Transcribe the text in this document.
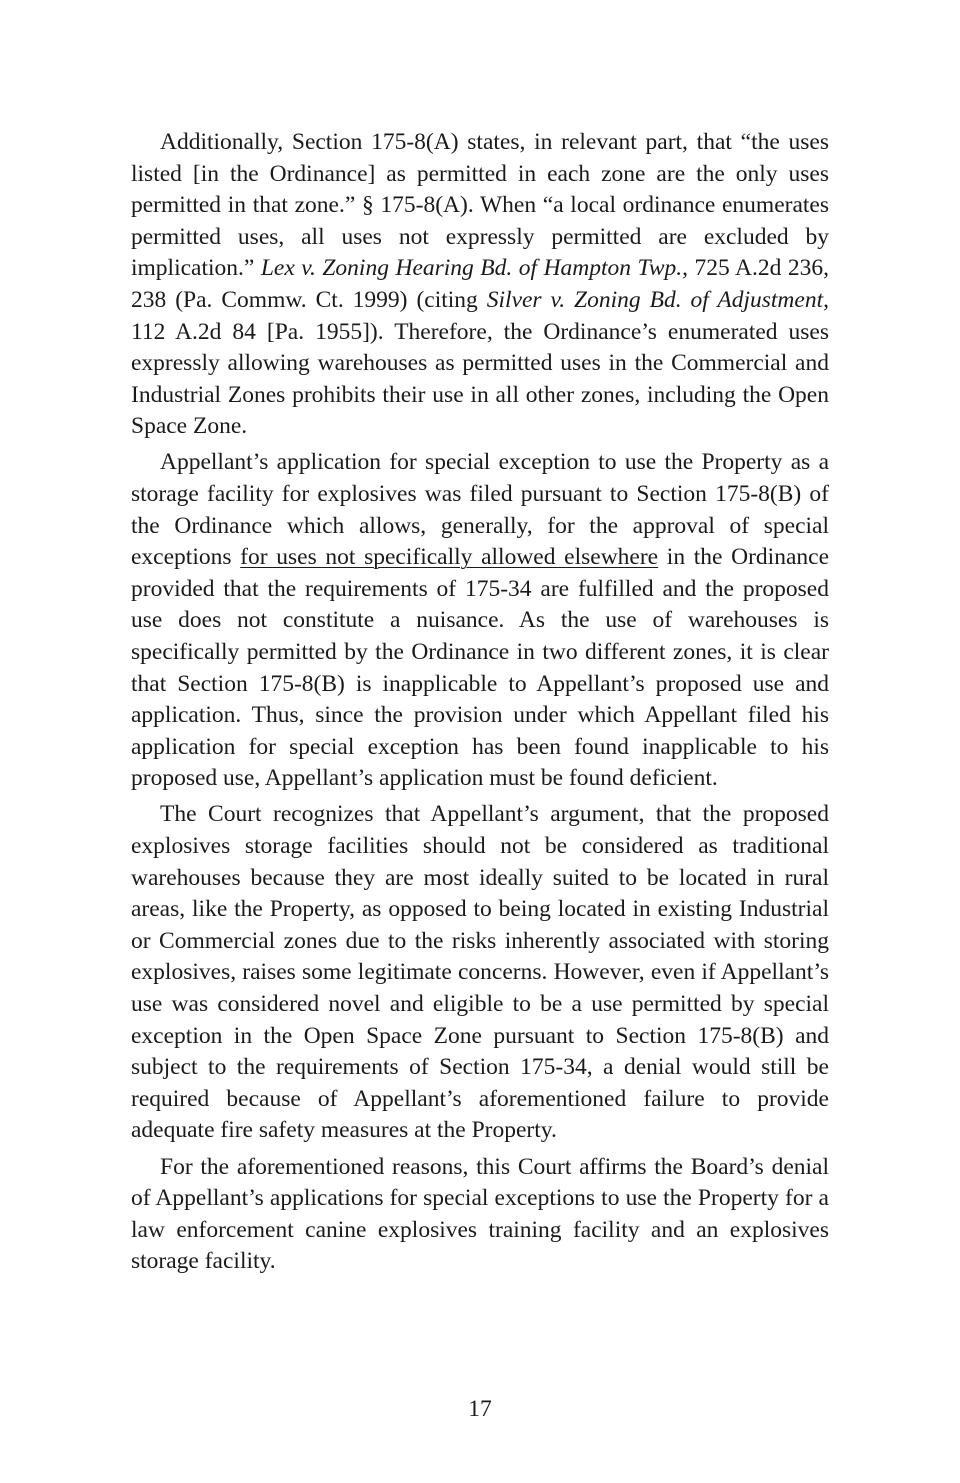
Additionally, Section 175-8(A) states, in relevant part, that “the uses listed [in the Ordinance] as permitted in each zone are the only uses permitted in that zone.” § 175-8(A). When “a local ordinance enumerates permitted uses, all uses not expressly permitted are excluded by implication.” Lex v. Zoning Hearing Bd. of Hampton Twp., 725 A.2d 236, 238 (Pa. Commw. Ct. 1999) (citing Silver v. Zoning Bd. of Adjustment, 112 A.2d 84 [Pa. 1955]). Therefore, the Ordinance’s enumerated uses expressly allowing warehouses as permitted uses in the Commercial and Industrial Zones prohibits their use in all other zones, including the Open Space Zone.

Appellant’s application for special exception to use the Property as a storage facility for explosives was filed pursuant to Section 175-​8(B) of the Ordinance which allows, generally, for the approval of special exceptions for uses not specifically allowed elsewhere in the Ordinance provided that the requirements of 175-34 are fulfilled and the proposed use does not constitute a nuisance. As the use of warehouses is specifically permitted by the Ordinance in two different zones, it is clear that Section 175-8(B) is inapplicable to Appellant’s proposed use and application. Thus, since the provision under which Appellant filed his application for special exception has been found inapplicable to his proposed use, Appellant’s application must be found deficient.

The Court recognizes that Appellant’s argument, that the proposed explosives storage facilities should not be considered as traditional warehouses because they are most ideally suited to be located in rural areas, like the Property, as opposed to being located in existing Industrial or Commercial zones due to the risks inherently associated with storing explosives, raises some legitimate concerns. However, even if Appellant’s use was considered novel and eligible to be a use permitted by special exception in the Open Space Zone pursuant to Section 175-8(B) and subject to the requirements of Section 175-34, a denial would still be required because of Appellant’s aforementioned failure to provide adequate fire safety measures at the Property.

For the aforementioned reasons, this Court affirms the Board’s denial of Appellant’s applications for special exceptions to use the Property for a law enforcement canine explosives training facility and an explosives storage facility.

17
